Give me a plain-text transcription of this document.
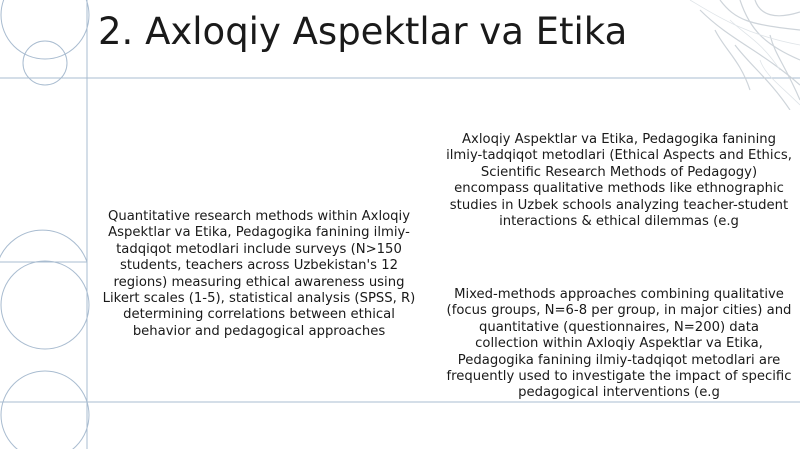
2. Axloqiy Aspektlar va Etika

Quantitative research methods within Axloqiy Aspektlar va Etika, Pedagogika fanining ilmiy-tadqiqot metodlari include surveys (N>150 students, teachers across Uzbekistan's 12 regions) measuring ethical awareness using Likert scales (1-5), statistical analysis (SPSS, R) determining correlations between ethical behavior and pedagogical approaches

Axloqiy Aspektlar va Etika, Pedagogika fanining ilmiy-tadqiqot metodlari (Ethical Aspects and Ethics, Scientific Research Methods of Pedagogy) encompass qualitative methods like ethnographic studies in Uzbek schools analyzing teacher-student interactions & ethical dilemmas (e.g

Mixed-methods approaches combining qualitative (focus groups, N=6-8 per group, in major cities) and quantitative (questionnaires, N=200) data collection within Axloqiy Aspektlar va Etika, Pedagogika fanining ilmiy-tadqiqot metodlari are frequently used to investigate the impact of specific pedagogical interventions (e.g
